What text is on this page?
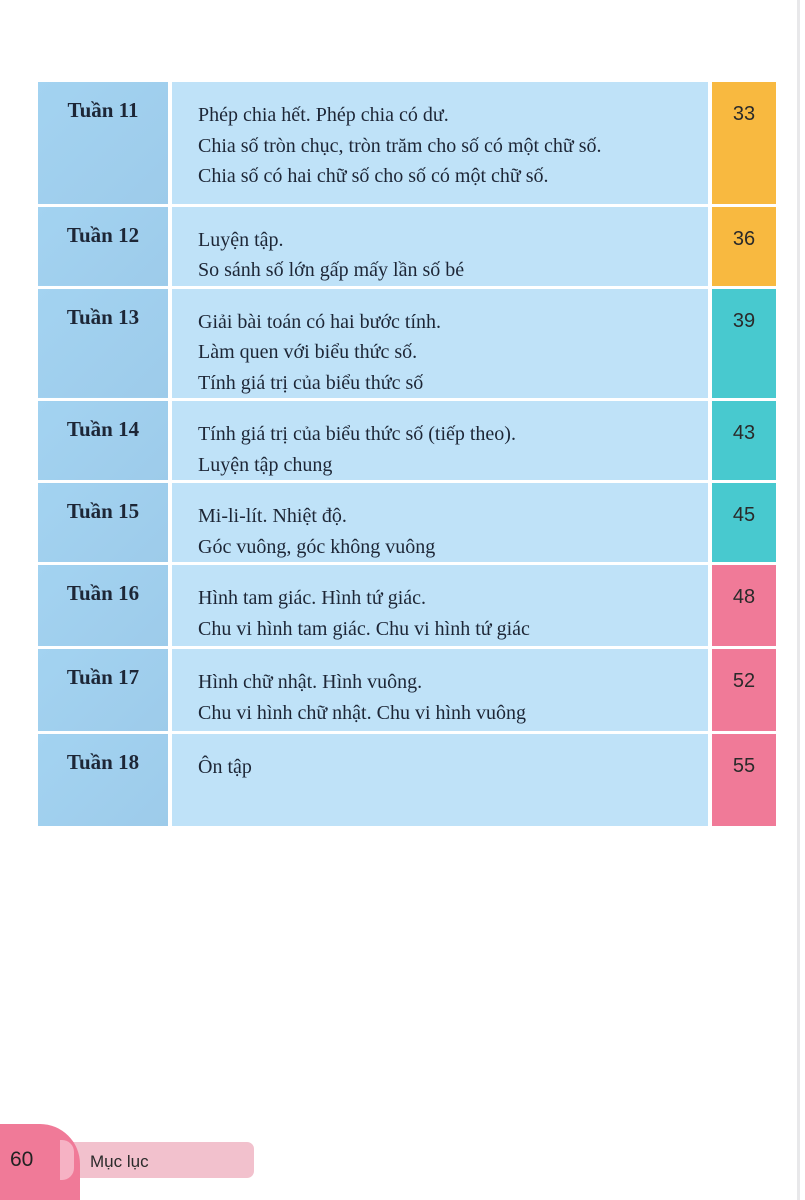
Tuần 11	Phép chia hết. Phép chia có dư.
Chia số tròn chục, tròn trăm cho số có một chữ số.
Chia số có hai chữ số cho số có một chữ số.	33

Tuần 12	Luyện tập.
So sánh số lớn gấp mấy lần số bé	36

Tuần 13	Giải bài toán có hai bước tính.
Làm quen với biểu thức số.
Tính giá trị của biểu thức số	39

Tuần 14	Tính giá trị của biểu thức số (tiếp theo).
Luyện tập chung	43

Tuần 15	Mi-li-lít. Nhiệt độ.
Góc vuông, góc không vuông	45

Tuần 16	Hình tam giác. Hình tứ giác.
Chu vi hình tam giác. Chu vi hình tứ giác	48

Tuần 17	Hình chữ nhật. Hình vuông.
Chu vi hình chữ nhật. Chu vi hình vuông	52

Tuần 18	Ôn tập	55
Mục lục
60
